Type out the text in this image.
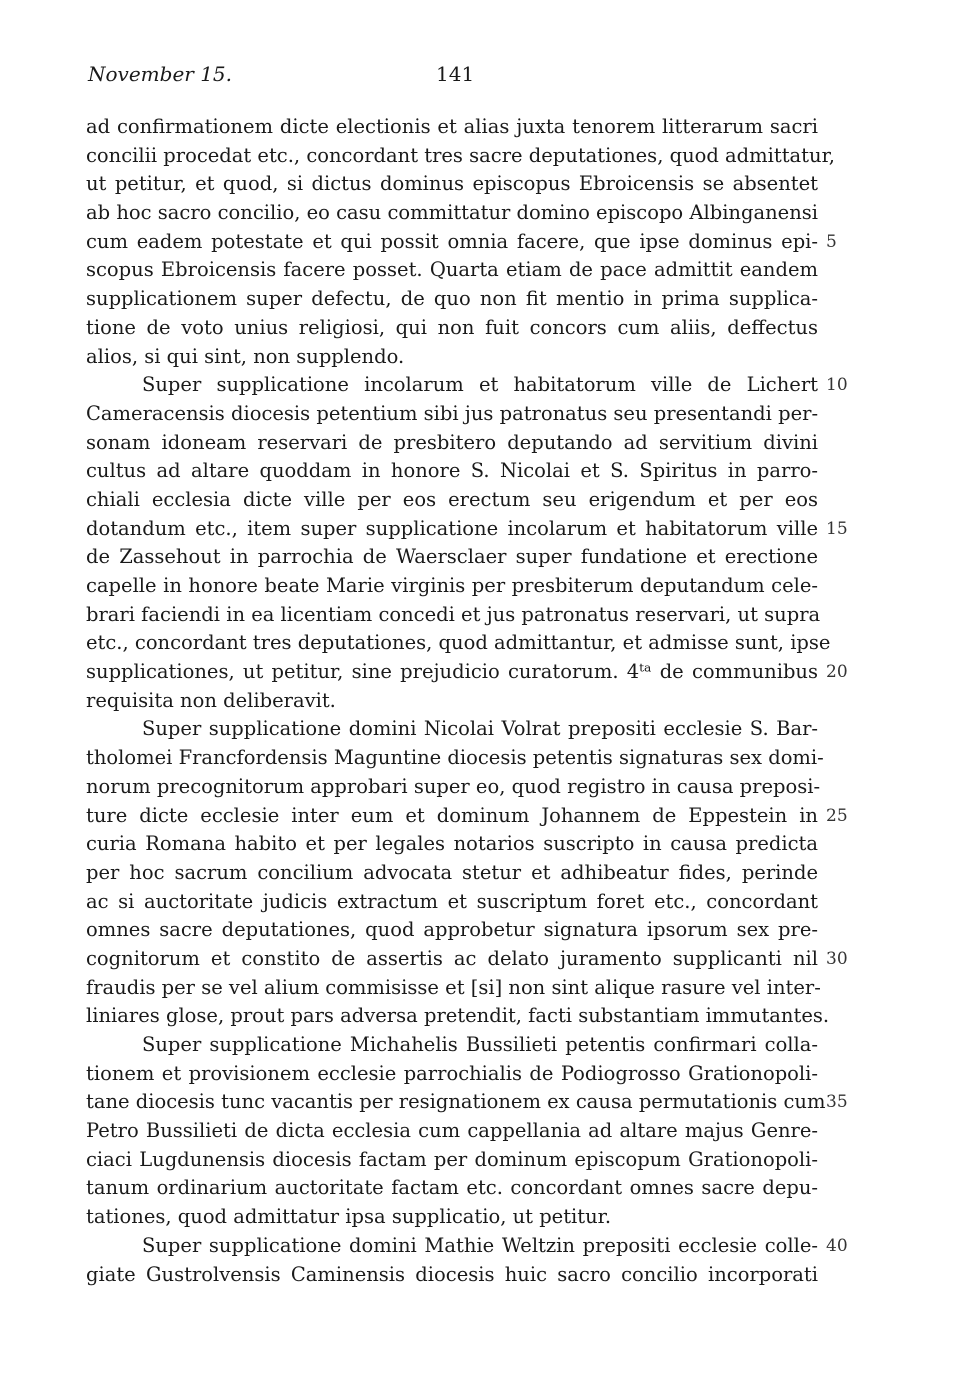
November 15.	141
ad confirmationem dicte electionis et alias juxta tenorem litterarum sacri
concilii procedat etc., concordant tres sacre deputationes, quod admittatur,
ut petitur, et quod, si dictus dominus episcopus Ebroicensis se absentet
ab hoc sacro concilio, eo casu committatur domino episcopo Albinganensi
cum eadem potestate et qui possit omnia facere, que ipse dominus epi- 5
scopus Ebroicensis facere posset. Quarta etiam de pace admittit eandem
supplicationem super defectu, de quo non fit mentio in prima supplica-
tione de voto unius religiosi, qui non fuit concors cum aliis, deffectus
alios, si qui sint, non supplendo.
Super supplicatione incolarum et habitatorum ville de Lichert 10
Cameracensis diocesis petentium sibi jus patronatus seu presentandi per-
sonam idoneam reservari de presbitero deputando ad servitium divini
cultus ad altare quoddam in honore S. Nicolai et S. Spiritus in parro-
chiali ecclesia dicte ville per eos erectum seu erigendum et per eos
dotandum etc., item super supplicatione incolarum et habitatorum ville 15
de Zassehout in parrochia de Waersclaer super fundatione et erectione
capelle in honore beate Marie virginis per presbiterum deputandum cele-
brari faciendi in ea licentiam concedi et jus patronatus reservari, ut supra
etc., concordant tres deputationes, quod admittantur, et admisse sunt, ipse
supplicationes, ut petitur, sine prejudicio curatorum. 4ᵗᵃ de communibus 20
requisita non deliberavit.
Super supplicatione domini Nicolai Volrat prepositi ecclesie S. Bar-
tholomei Francfordensis Maguntine diocesis petentis signaturas sex domi-
norum precognitorum approbari super eo, quod registro in causa preposi-
ture dicte ecclesie inter eum et dominum Johannem de Eppestein in 25
curia Romana habito et per legales notarios suscripto in causa predicta
per hoc sacrum concilium advocata stetur et adhibeatur fides, perinde
ac si auctoritate judicis extractum et suscriptum foret etc., concordant
omnes sacre deputationes, quod approbetur signatura ipsorum sex pre-
cognitorum et constito de assertis ac delato juramento supplicanti nil 30
fraudis per se vel alium commisisse et [si] non sint alique rasure vel inter-
liniares glose, prout pars adversa pretendit, facti substantiam immutantes.
Super supplicatione Michahelis Bussilieti petentis confirmari colla-
tionem et provisionem ecclesie parrochialis de Podiogrosso Grationopoli-
tane diocesis tunc vacantis per resignationem ex causa permutationis cum 35
Petro Bussilieti de dicta ecclesia cum cappellania ad altare majus Genre-
ciaci Lugdunensis diocesis factam per dominum episcopum Grationopoli-
tanum ordinarium auctoritate factam etc. concordant omnes sacre depu-
tationes, quod admittatur ipsa supplicatio, ut petitur.
Super supplicatione domini Mathie Weltzin prepositi ecclesie colle- 40
giate Gustrolvensis Caminensis diocesis huic sacro concilio incorporati
